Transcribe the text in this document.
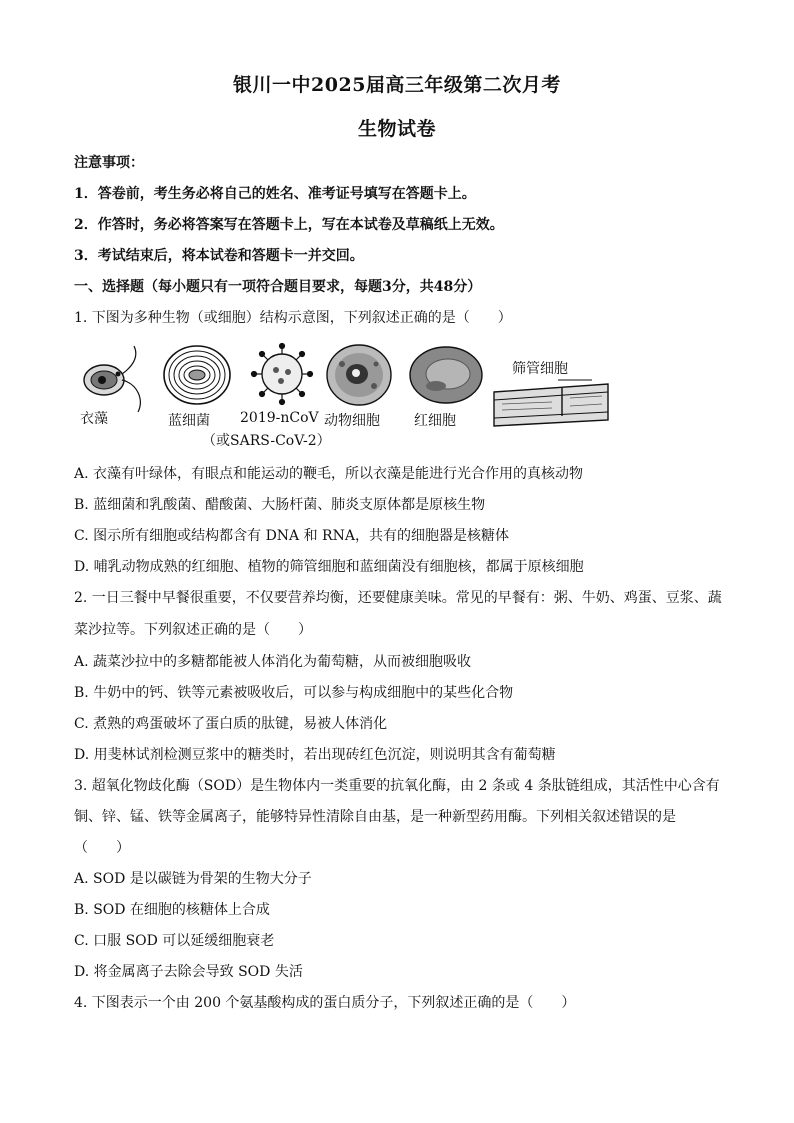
银川一中2025届高三年级第二次月考
生物试卷
注意事项：
1．答卷前，考生务必将自己的姓名、准考证号填写在答题卡上。
2．作答时，务必将答案写在答题卡上，写在本试卷及草稿纸上无效。
3．考试结束后，将本试卷和答题卡一并交回。
一、选择题（每小题只有一项符合题目要求，每题3分，共48分）
1. 下图为多种生物（或细胞）结构示意图，下列叙述正确的是（　　）
衣藻	蓝细菌 2019-nCoV
（或SARS-CoV-2）
动物细胞 红细胞
筛管细胞
A. 衣藻有叶绿体，有眼点和能运动的鞭毛，所以衣藻是能进行光合作用的真核动物
B. 蓝细菌和乳酸菌、醋酸菌、大肠杆菌、肺炎支原体都是原核生物
C. 图示所有细胞或结构都含有 DNA 和 RNA，共有的细胞器是核糖体
D. 哺乳动物成熟的红细胞、植物的筛管细胞和蓝细菌没有细胞核，都属于原核细胞
2. 一日三餐中早餐很重要，不仅要营养均衡，还要健康美味。常见的早餐有：粥、牛奶、鸡蛋、豆浆、蔬
菜沙拉等。下列叙述正确的是（　　）
A. 蔬菜沙拉中的多糖都能被人体消化为葡萄糖，从而被细胞吸收
B. 牛奶中的钙、铁等元素被吸收后，可以参与构成细胞中的某些化合物
C. 煮熟的鸡蛋破坏了蛋白质的肽键，易被人体消化
D. 用斐林试剂检测豆浆中的糖类时，若出现砖红色沉淀，则说明其含有葡萄糖
3. 超氧化物歧化酶（SOD）是生物体内一类重要的抗氧化酶，由 2 条或 4 条肽链组成，其活性中心含有
铜、锌、锰、铁等金属离子，能够特异性清除自由基，是一种新型药用酶。下列相关叙述错误的是
（　　）
A. SOD 是以碳链为骨架的生物大分子
B. SOD 在细胞的核糖体上合成
C. 口服 SOD 可以延缓细胞衰老
D. 将金属离子去除会导致 SOD 失活
4. 下图表示一个由 200 个氨基酸构成的蛋白质分子，下列叙述正确的是（　　）
